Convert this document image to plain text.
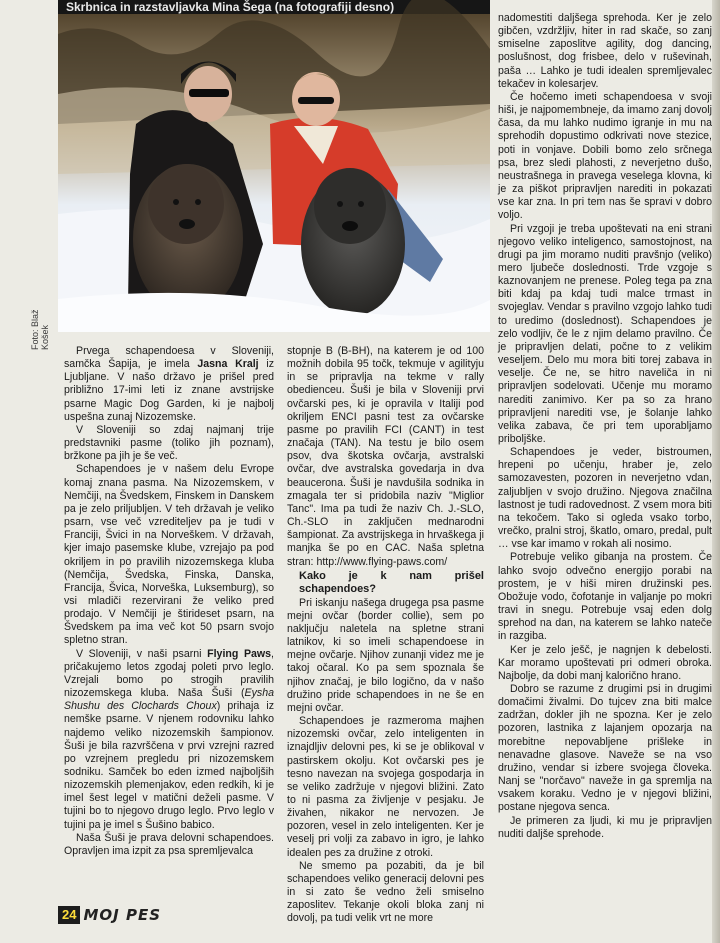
Skrbnica in razstavljavka Mina Šega (na fotografiji desno)
Foto: Blaž Košek

Prvega schapendoesa v Sloveniji, samčka Šapija, je imela Jasna Kralj iz Ljubljane. V našo državo je prišel pred približno 17-imi leti iz znane avstrijske psarne Magic Dog Garden, ki je najbolj uspešna zunaj Nizozemske.

V Sloveniji so zdaj najmanj trije predstavniki pasme (toliko jih poznam), bržkone pa jih je še več.

Schapendoes je v našem delu Evrope komaj znana pasma. Na Nizozemskem, v Nemčiji, na Švedskem, Finskem in Danskem pa je zelo priljubljen. V teh državah je veliko psarn, vse več vzrediteljev pa je tudi v Franciji, Švici in na Norveškem. V državah, kjer imajo pasemske klube, vzrejajo pa pod okriljem in po pravilih nizozemskega kluba (Nemčija, Švedska, Finska, Danska, Francija, Švica, Norveška, Luksemburg), so vsi mladiči rezervirani že veliko pred prodajo. V Nemčiji je štirideset psarn, na Švedskem pa ima več kot 50 psarn svojo spletno stran.

V Sloveniji, v naši psarni Flying Paws, pričakujemo letos zgodaj poleti prvo leglo. Vzrejali bomo po strogih pravilih nizozemskega kluba. Naša Šuši (Eysha Shushu des Clochards Choux) prihaja iz nemške psarne. V njenem rodovniku lahko najdemo veliko nizozemskih šampionov. Šuši je bila razvrščena v prvi vzrejni razred po vzrejnem pregledu pri nizozemskem sodniku. Samček bo eden izmed najboljših nizozemskih plemenjakov, eden redkih, ki je imel šest legel v matični deželi pasme. V tujini bo to njegovo drugo leglo. Prvo leglo v tujini pa je imel s Šušino babico.

Naša Šuši je prava delovni schapendoes. Opravljen ima izpit za psa spremljevalca

stopnje B (B-BH), na katerem je od 100 možnih dobila 95 točk, tekmuje v agilityju in se pripravlja na tekme v rally obedienceu. Šuši je bila v Sloveniji prvi ovčarski pes, ki je opravila v Italiji pod okriljem ENCI pasni test za ovčarske pasme po pravilih FCI (CANT) in test značaja (TAN). Na testu je bilo osem psov, dva škotska ovčarja, avstralski ovčar, dve avstralska govedarja in dva beaucerona. Šuši je navdušila sodnika in zmagala ter si pridobila naziv "Miglior Tanc". Ima pa tudi že naziv Ch. J.-SLO, Ch.-SLO in zaključen mednarodni šampionat. Za avstrijskega in hrvaškega ji manjka še po en CAC. Naša spletna stran: http://www.flying-paws.com/

Kako je k nam prišel schapendoes?

Pri iskanju našega drugega psa pasme mejni ovčar (border collie), sem po naključju naletela na spletne strani latnikov, ki so imeli schapendoese in mejne ovčarje. Njihov zunanji videz me je takoj očaral. Ko pa sem spoznala še njihov značaj, je bilo logično, da v našo družino pride schapendoes in ne še en mejni ovčar.

Schapendoes je razmeroma majhen nizozemski ovčar, zelo inteligenten in iznajdljiv delovni pes, ki se je oblikoval v pastirskem okolju. Kot ovčarski pes je tesno navezan na svojega gospodarja in se veliko zadržuje v njegovi bližini. Zato to ni pasma za življenje v pesjaku. Je živahen, nikakor ne nervozen. Je pozoren, vesel in zelo inteligenten. Ker je veselj pri volji za zabavo in igro, je lahko idealen pes za družine z otroki.

Ne smemo pa pozabiti, da je bil schapendoes veliko generacij delovni pes in si zato še vedno želi smiselno zaposlitev. Tekanje okoli bloka zanj ni dovolj, pa tudi velik vrt ne more

nadomestiti daljšega sprehoda. Ker je zelo gibčen, vzdržljiv, hiter in rad skače, so zanj smiselne zaposlitve agility, dog dancing, poslušnost, dog frisbee, delo v ruševinah, paša … Lahko je tudi idealen spremljevalec tekačev in kolesarjev.

Če hočemo imeti schapendoesa v svoji hiši, je najpomembneje, da imamo zanj dovolj časa, da mu lahko nudimo igranje in mu na sprehodih dopustimo odkrivati nove stezice, poti in vonjave. Dobili bomo zelo srčnega psa, brez sledi plahosti, z neverjetno dušo, neustrašnega in pravega veselega klovna, ki je za piškot pripravljen narediti in pokazati vse kar zna. In pri tem nas še spravi v dobro voljo.

Pri vzgoji je treba upoštevati na eni strani njegovo veliko inteligenco, samostojnost, na drugi pa jim moramo nuditi pravšnjo (veliko) mero ljubeče doslednosti. Trde vzgoje s kaznovanjem ne prenese. Poleg tega pa zna biti kdaj pa kdaj tudi malce trmast in svojeglav. Vendar s pravilno vzgojo lahko tudi to uredimo (doslednost). Schapendoes je zelo vodljiv, če le z njim delamo pravilno. Če je pripravljen delati, počne to z velikim veseljem. Delo mu mora biti torej zabava in veselje. Če ne, se hitro naveliča in ni pripravljen sodelovati. Učenje mu moramo narediti zanimivo. Ker pa so za hrano pripravljeni narediti vse, je šolanje lahko velika zabava, če pri tem uporabljamo priboljške.

Schapendoes je veder, bistroumen, hrepeni po učenju, hraber je, zelo samozavesten, pozoren in neverjetno vdan, zaljubljen v svojo družino. Njegova značilna lastnost je tudi radovednost. Z vsem mora biti na tekočem. Tako si ogleda vsako torbo, vrečko, pralni stroj, škatlo, omaro, predal, pult … vse kar imamo v rokah ali nosimo.

Potrebuje veliko gibanja na prostem. Če lahko svojo odvečno energijo porabi na prostem, je v hiši miren družinski pes. Obožuje vodo, čofotanje in valjanje po mokri travi in snegu. Potrebuje vsaj eden dolg sprehod na dan, na katerem se lahko nateče in razgiba.

Ker je zelo ješč, je nagnjen k debelosti. Kar moramo upoštevati pri odmeri obroka. Najbolje, da dobi manj kalorično hrano.

Dobro se razume z drugimi psi in drugimi domačimi živalmi. Do tujcev zna biti malce zadržan, dokler jih ne spozna. Ker je zelo pozoren, lastnika z lajanjem opozarja na morebitne nepovabljene prišleke in nenavadne glasove. Naveže se na vso družino, vendar si izbere svojega človeka. Nanj se "norčavo" naveže in ga spremlja na vsakem koraku. Vedno je v njegovi bližini, postane njegova senca.

Je primeren za ljudi, ki mu je pripravljen nuditi dalјše sprehode.

24 MOJ PES
